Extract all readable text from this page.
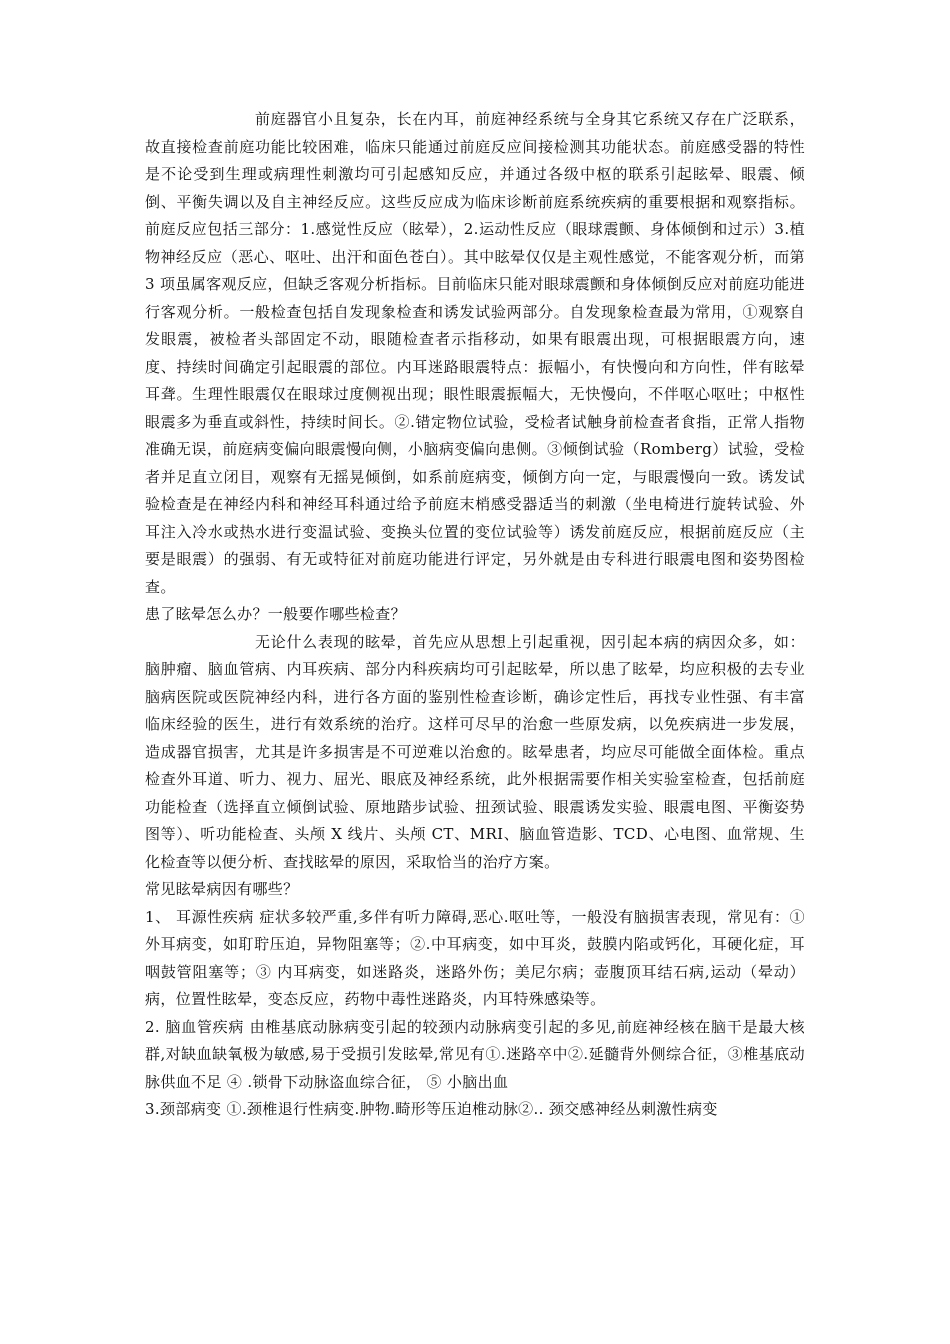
前庭器官小且复杂，长在内耳，前庭神经系统与全身其它系统又存在广泛联系，故直接检查前庭功能比较困难，临床只能通过前庭反应间接检测其功能状态。前庭感受器的特性是不论受到生理或病理性刺激均可引起感知反应，并通过各级中枢的联系引起眩晕、眼震、倾倒、平衡失调以及自主神经反应。这些反应成为临床诊断前庭系统疾病的重要根据和观察指标。前庭反应包括三部分：1.感觉性反应（眩晕），2.运动性反应（眼球震颤、身体倾倒和过示）3.植物神经反应（恶心、呕吐、出汗和面色苍白）。其中眩晕仅仅是主观性感觉，不能客观分析，而第 3 项虽属客观反应，但缺乏客观分析指标。目前临床只能对眼球震颤和身体倾倒反应对前庭功能进行客观分析。一般检查包括自发现象检查和诱发试验两部分。自发现象检查最为常用，①观察自发眼震，被检者头部固定不动，眼随检查者示指移动，如果有眼震出现，可根据眼震方向，速度、持续时间确定引起眼震的部位。内耳迷路眼震特点：振幅小，有快慢向和方向性，伴有眩晕耳聋。生理性眼震仅在眼球过度侧视出现；眼性眼震振幅大，无快慢向，不伴呕心呕吐；中枢性眼震多为垂直或斜性，持续时间长。②.错定物位试验，受检者试触身前检查者食指，正常人指物准确无误，前庭病变偏向眼震慢向侧，小脑病变偏向患侧。③倾倒试验（Romberg）试验，受检者并足直立闭目，观察有无摇晃倾倒，如系前庭病变，倾倒方向一定，与眼震慢向一致。诱发试验检查是在神经内科和神经耳科通过给予前庭末梢感受器适当的刺激（坐电椅进行旋转试验、外耳注入冷水或热水进行变温试验、变换头位置的变位试验等）诱发前庭反应，根据前庭反应（主要是眼震）的强弱、有无或特征对前庭功能进行评定，另外就是由专科进行眼震电图和姿势图检查。

患了眩晕怎么办？一般要作哪些检查？

无论什么表现的眩晕，首先应从思想上引起重视，因引起本病的病因众多，如：脑肿瘤、脑血管病、内耳疾病、部分内科疾病均可引起眩晕，所以患了眩晕，均应积极的去专业脑病医院或医院神经内科，进行各方面的鉴别性检查诊断，确诊定性后，再找专业性强、有丰富临床经验的医生，进行有效系统的治疗。这样可尽早的治愈一些原发病，以免疾病进一步发展，造成器官损害，尤其是许多损害是不可逆难以治愈的。眩晕患者，均应尽可能做全面体检。重点检查外耳道、听力、视力、屈光、眼底及神经系统，此外根据需要作相关实验室检查，包括前庭功能检查（选择直立倾倒试验、原地踏步试验、扭颈试验、眼震诱发实验、眼震电图、平衡姿势图等）、听功能检查、头颅 X 线片、头颅 CT、MRI、脑血管造影、TCD、心电图、血常规、生化检查等以便分析、查找眩晕的原因，采取恰当的治疗方案。

常见眩晕病因有哪些？

1、 耳源性疾病 症状多较严重,多伴有听力障碍,恶心.呕吐等，一般没有脑损害表现，常见有：① 外耳病变，如耵聍压迫，异物阻塞等；②.中耳病变，如中耳炎，鼓膜内陷或钙化，耳硬化症，耳咽鼓管阻塞等；③ 内耳病变，如迷路炎，迷路外伤；美尼尔病；壶腹顶耳结石病,运动（晕动）病，位置性眩晕，变态反应，药物中毒性迷路炎，内耳特殊感染等。

2. 脑血管疾病 由椎基底动脉病变引起的较颈内动脉病变引起的多见,前庭神经核在脑干是最大核群,对缺血缺氧极为敏感,易于受损引发眩晕,常见有①.迷路卒中②.延髓背外侧综合征，③椎基底动脉供血不足 ④ .锁骨下动脉盗血综合征， ⑤ 小脑出血

3.颈部病变 ①.颈椎退行性病变.肿物.畸形等压迫椎动脉②.. 颈交感神经丛刺激性病变
